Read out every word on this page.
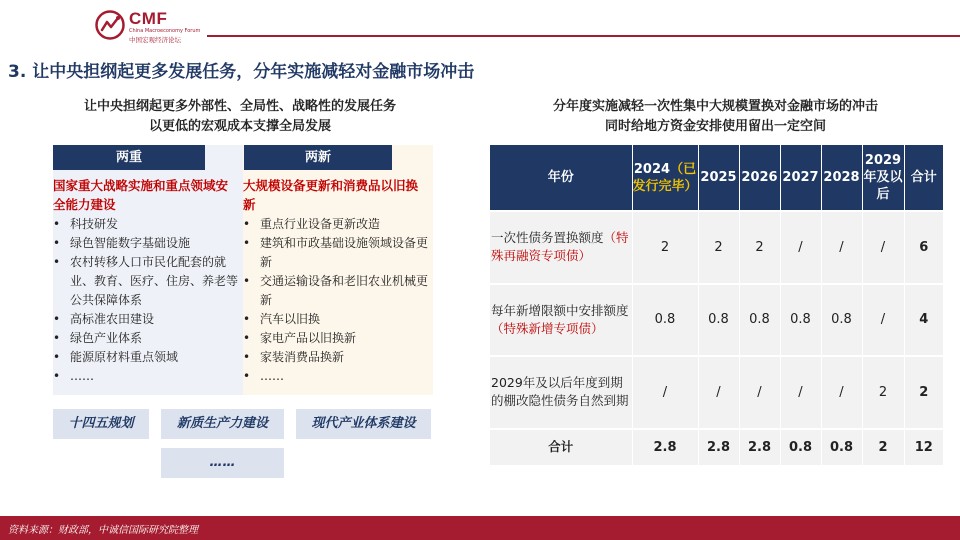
CMF
China Macroeconomy Forum
中国宏观经济论坛
3. 让中央担纲起更多发展任务，分年实施减轻对金融市场冲击
让中央担纲起更多外部性、全局性、战略性的发展任务
以更低的宏观成本支撑全局发展
两重
国家重大战略实施和重点领域安全能力建设
• 科技研发
• 绿色智能数字基础设施
• 农村转移人口市民化配套的就业、教育、医疗、住房、养老等公共保障体系
• 高标准农田建设
• 绿色产业体系
• 能源原材料重点领域
• ……
两新
大规模设备更新和消费品以旧换新
• 重点行业设备更新改造
• 建筑和市政基础设施领域设备更新
• 交通运输设备和老旧农业机械更新
• 汽车以旧换
• 家电产品以旧换新
• 家装消费品换新
• ……
十四五规划	新质生产力建设	现代产业体系建设
……
分年度实施减轻一次性集中大规模置换对金融市场的冲击
同时给地方资金安排使用留出一定空间
年份	2024（已发行完毕）	2025	2026	2027	2028	2029年及以后	合计
一次性债务置换额度（特殊再融资专项债）	2	2	2	/	/	/	6
每年新增限额中安排额度（特殊新增专项债）	0.8	0.8	0.8	0.8	0.8	/	4
2029年及以后年度到期的棚改隐性债务自然到期	/	/	/	/	/	2	2
合计	2.8	2.8	2.8	0.8	0.8	2	12
资料来源：财政部，中诚信国际研究院整理
